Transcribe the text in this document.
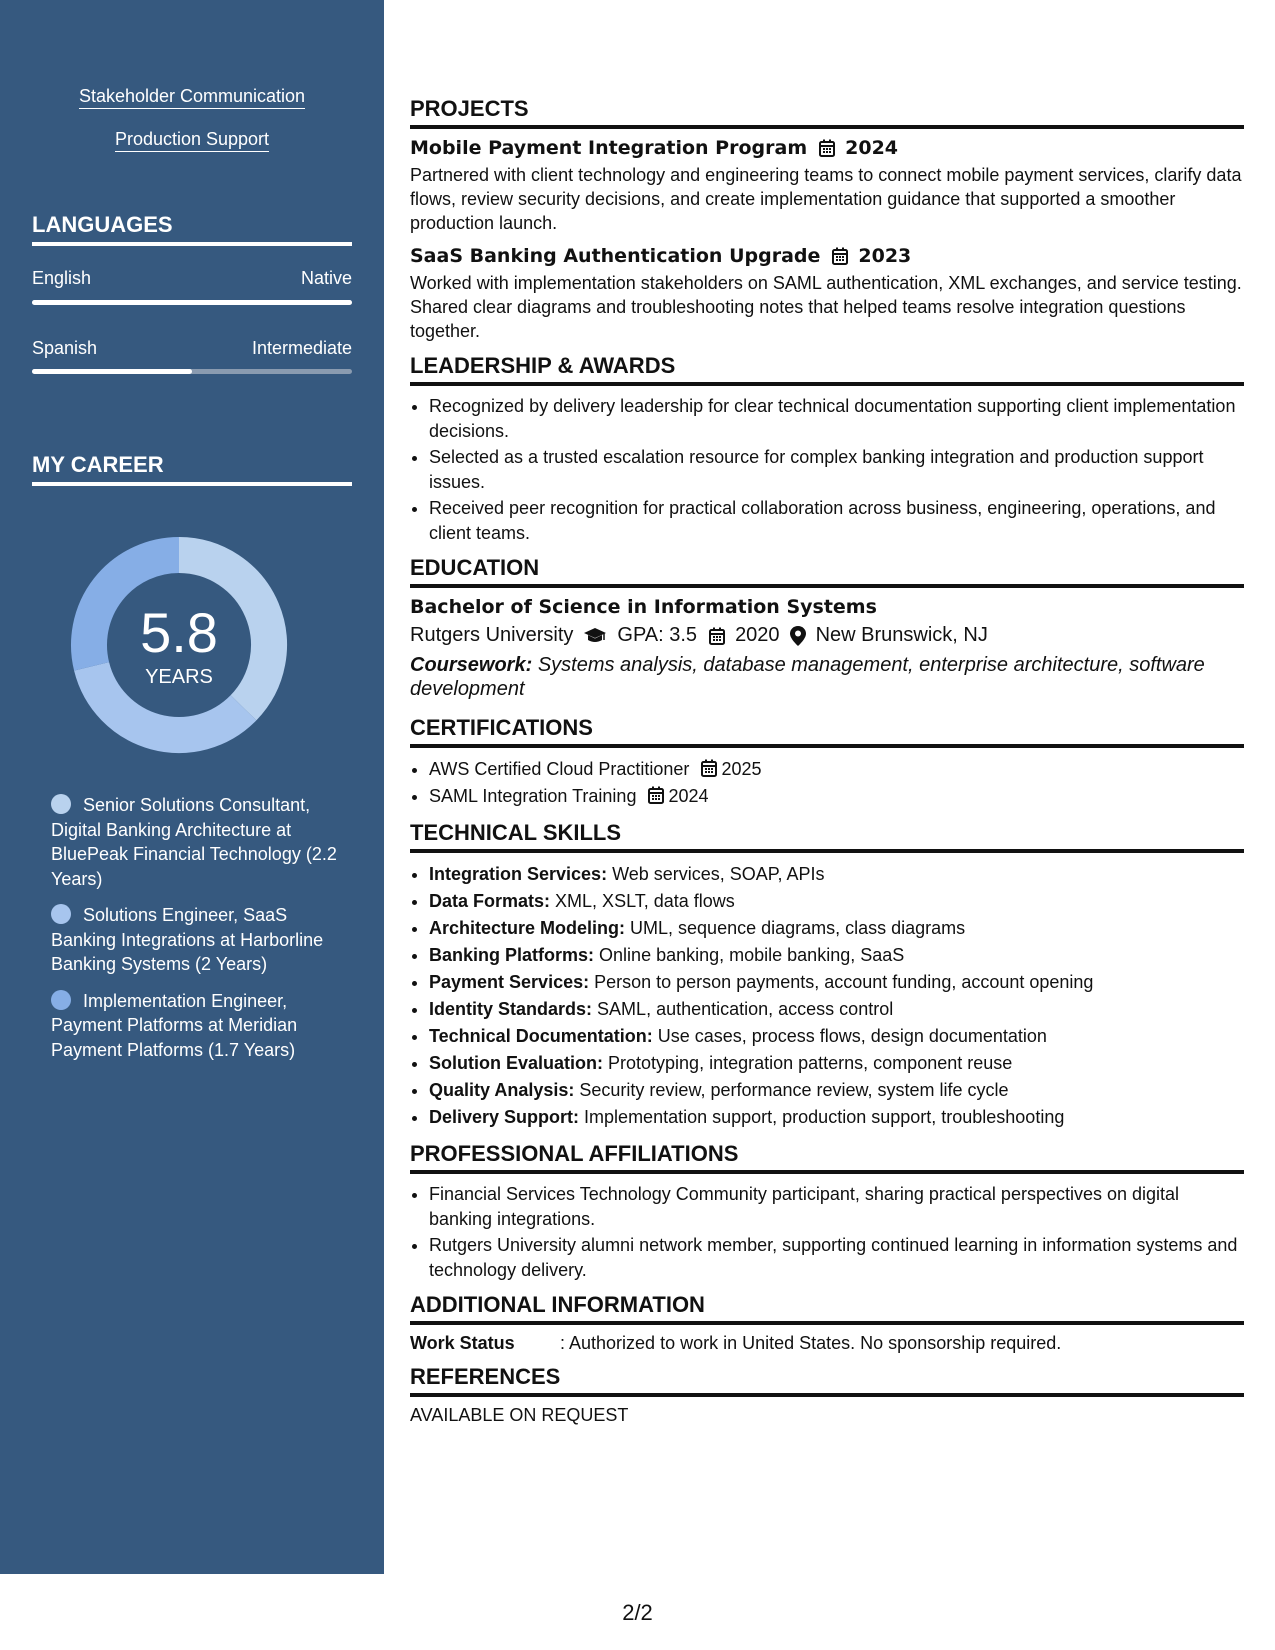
Stakeholder Communication
Production Support
LANGUAGES
English	Native
Spanish	Intermediate
MY CAREER
5.8
YEARS
Senior Solutions Consultant, Digital Banking Architecture at BluePeak Financial Technology (2.2 Years)
Solutions Engineer, SaaS Banking Integrations at Harborline Banking Systems (2 Years)
Implementation Engineer, Payment Platforms at Meridian Payment Platforms (1.7 Years)
PROJECTS
Mobile Payment Integration Program 2024
Partnered with client technology and engineering teams to connect mobile payment services, clarify data flows, review security decisions, and create implementation guidance that supported a smoother production launch.
SaaS Banking Authentication Upgrade 2023
Worked with implementation stakeholders on SAML authentication, XML exchanges, and service testing. Shared clear diagrams and troubleshooting notes that helped teams resolve integration questions together.
LEADERSHIP & AWARDS
• Recognized by delivery leadership for clear technical documentation supporting client implementation decisions.
• Selected as a trusted escalation resource for complex banking integration and production support issues.
• Received peer recognition for practical collaboration across business, engineering, operations, and client teams.
EDUCATION
Bachelor of Science in Information Systems
Rutgers University GPA: 3.5 2020 New Brunswick, NJ
Coursework: Systems analysis, database management, enterprise architecture, software development
CERTIFICATIONS
• AWS Certified Cloud Practitioner 2025
• SAML Integration Training 2024
TECHNICAL SKILLS
• Integration Services: Web services, SOAP, APIs
• Data Formats: XML, XSLT, data flows
• Architecture Modeling: UML, sequence diagrams, class diagrams
• Banking Platforms: Online banking, mobile banking, SaaS
• Payment Services: Person to person payments, account funding, account opening
• Identity Standards: SAML, authentication, access control
• Technical Documentation: Use cases, process flows, design documentation
• Solution Evaluation: Prototyping, integration patterns, component reuse
• Quality Analysis: Security review, performance review, system life cycle
• Delivery Support: Implementation support, production support, troubleshooting
PROFESSIONAL AFFILIATIONS
• Financial Services Technology Community participant, sharing practical perspectives on digital banking integrations.
• Rutgers University alumni network member, supporting continued learning in information systems and technology delivery.
ADDITIONAL INFORMATION
Work Status	: Authorized to work in United States. No sponsorship required.
REFERENCES
AVAILABLE ON REQUEST
2/2
